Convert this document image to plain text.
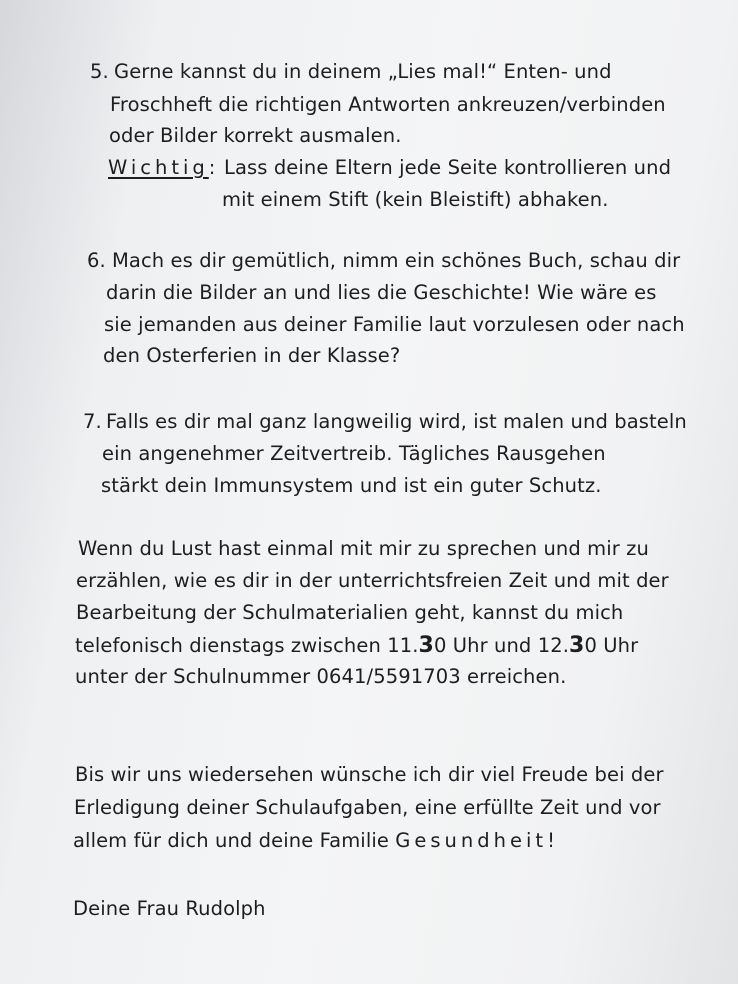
5. Gerne kannst du in deinem „Lies mal!“ Enten- und
Froschheft die richtigen Antworten ankreuzen/verbinden
oder Bilder korrekt ausmalen.
Wichtig: Lass deine Eltern jede Seite kontrollieren und
mit einem Stift (kein Bleistift) abhaken.
6. Mach es dir gemütlich, nimm ein schönes Buch, schau dir
darin die Bilder an und lies die Geschichte! Wie wäre es
sie jemanden aus deiner Familie laut vorzulesen oder nach
den Osterferien in der Klasse?
7. Falls es dir mal ganz langweilig wird, ist malen und basteln
ein angenehmer Zeitvertreib. Tägliches Rausgehen
stärkt dein Immunsystem und ist ein guter Schutz.
Wenn du Lust hast einmal mit mir zu sprechen und mir zu
erzählen, wie es dir in der unterrichtsfreien Zeit und mit der
Bearbeitung der Schulmaterialien geht, kannst du mich
telefonisch dienstags zwischen 11.30 Uhr und 12.30 Uhr
unter der Schulnummer 0641/5591703 erreichen.
Bis wir uns wiedersehen wünsche ich dir viel Freude bei der
Erledigung deiner Schulaufgaben, eine erfüllte Zeit und vor
allem für dich und deine Familie Gesundheit!
Deine Frau Rudolph
